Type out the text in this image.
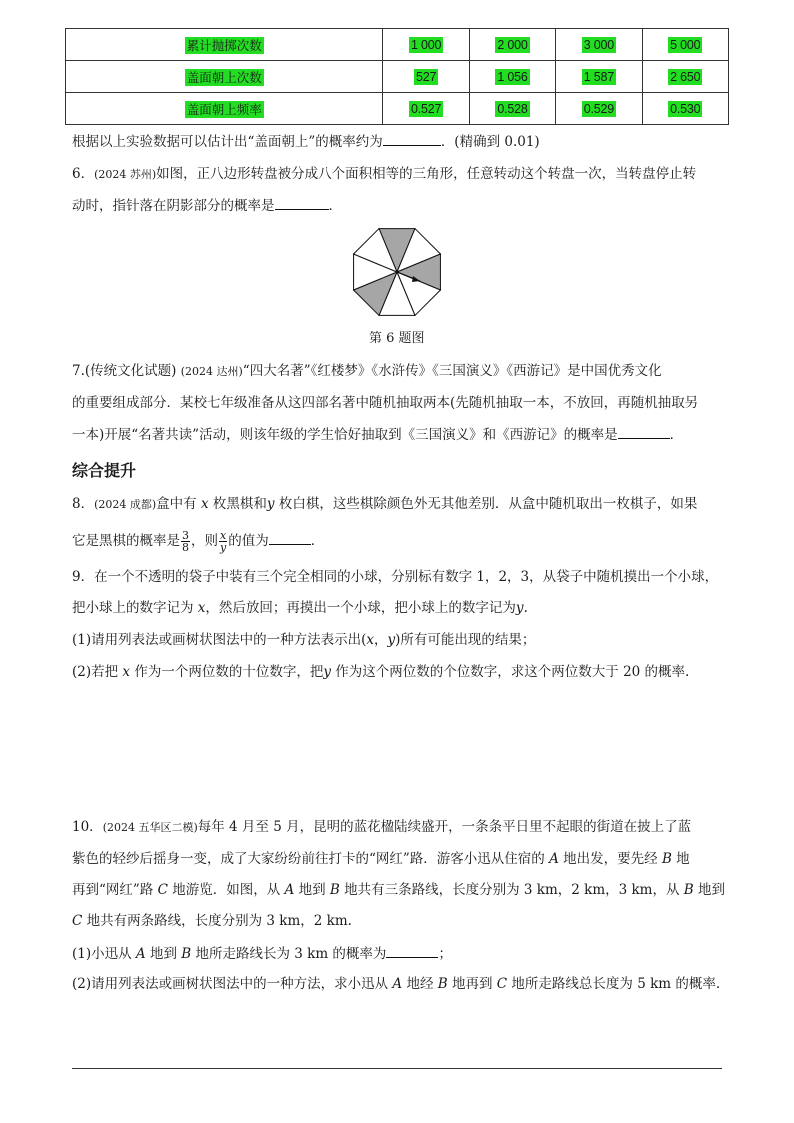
累计抛掷次数	1 000	2 000	3 000	5 000
盖面朝上次数	527	1 056	1 587	2 650
盖面朝上频率	0.527	0.528	0.529	0.530
根据以上实验数据可以估计出“盖面朝上”的概率约为	．(精确到 0.01)
6．(2024 苏州)如图，正八边形转盘被分成八个面积相等的三角形，任意转动这个转盘一次，当转盘停止转
动时，指针落在阴影部分的概率是	．
第 6 题图
7.(传统文化试题) (2024 达州)“四大名著”《红楼梦》《水浒传》《三国演义》《西游记》是中国优秀文化
的重要组成部分．某校七年级准备从这四部名著中随机抽取两本(先随机抽取一本，不放回，再随机抽取另
一本)开展“名著共读”活动，则该年级的学生恰好抽取到《三国演义》和《西游记》的概率是	．
综合提升
8．(2024 成都)盒中有 x 枚黑棋和y 枚白棋，这些棋除颜色外无其他差别．从盒中随机取出一枚棋子，如果
它是黑棋的概率是 $\frac{3}{8}$ ，则 $\frac{x}{y}$ 的值为	．
9．在一个不透明的袋子中装有三个完全相同的小球，分别标有数字 1，2，3，从袋子中随机摸出一个小球，
把小球上的数字记为 x，然后放回；再摸出一个小球，把小球上的数字记为y.
(1)请用列表法或画树状图法中的一种方法表示出(x，y)所有可能出现的结果；
(2)若把 x 作为一个两位数的十位数字，把y 作为这个两位数的个位数字，求这个两位数大于 20 的概率.
10．(2024 五华区二模)每年 4 月至 5 月，昆明的蓝花楹陆续盛开，一条条平日里不起眼的街道在披上了蓝
紫色的轻纱后摇身一变，成了大家纷纷前往打卡的“网红”路．游客小迅从住宿的 A 地出发，要先经 B 地
再到“网红”路 C 地游览．如图，从 A 地到 B 地共有三条路线，长度分别为 3 km，2 km，3 km，从 B 地到
C 地共有两条路线，长度分别为 3 km，2 km.
(1)小迅从 A 地到 B 地所走路线长为 3 km 的概率为	；
(2)请用列表法或画树状图法中的一种方法，求小迅从 A 地经 B 地再到 C 地所走路线总长度为 5 km 的概率.
